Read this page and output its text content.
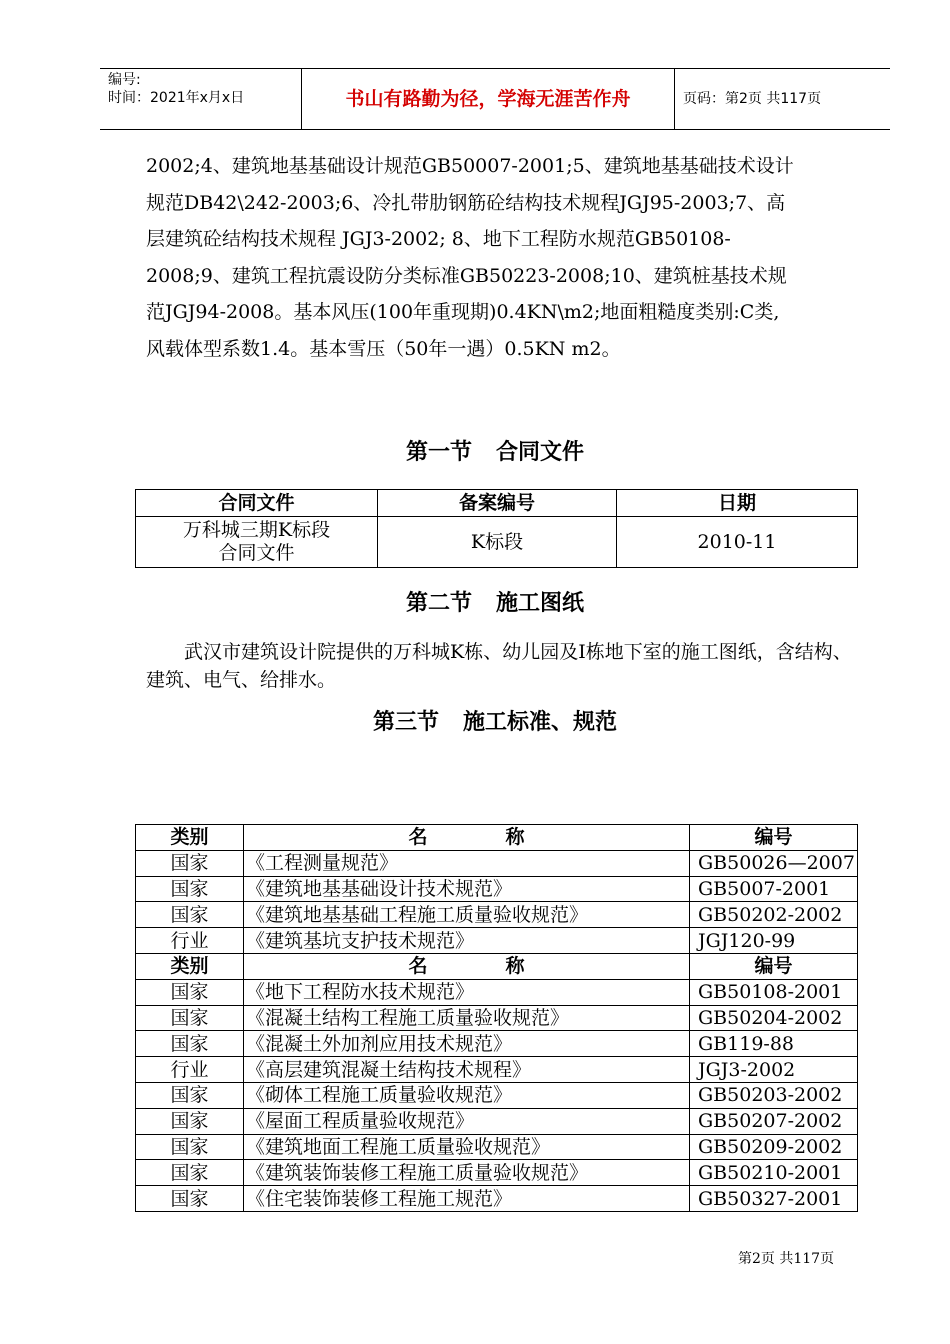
编号:
时间：2021年x月x日	书山有路勤为径，学海无涯苦作舟	页码：第2页 共117页
2002;4、建筑地基基础设计规范GB50007-2001;5、建筑地基基础技术设计
规范DB42\242-2003;6、冷扎带肋钢筋砼结构技术规程JGJ95-2003;7、高
层建筑砼结构技术规程 JGJ3-2002; 8、地下工程防水规范GB50108-
2008;9、建筑工程抗震设防分类标准GB50223-2008;10、建筑桩基技术规
范JGJ94-2008。基本风压(100年重现期)0.4KN\m2;地面粗糙度类别:C类,
风载体型系数1.4。基本雪压（50年一遇）0.5KN m2。
第一节 合同文件
合同文件	备案编号	日期

万科城三期K标段
合同文件	K标段	2010-11
第二节 施工图纸
武汉市建筑设计院提供的万科城K栋、幼儿园及I栋地下室的施工图纸，含结构、建筑、电气、给排水。
第三节 施工标准、规范
类别	名称	编号
国家	《工程测量规范》	GB50026—2007
国家	《建筑地基基础设计技术规范》	GB5007-2001
国家	《建筑地基基础工程施工质量验收规范》	GB50202-2002
行业	《建筑基坑支护技术规范》	JGJ120-99
类别	名称	编号
国家	《地下工程防水技术规范》	GB50108-2001
国家	《混凝土结构工程施工质量验收规范》	GB50204-2002
国家	《混凝土外加剂应用技术规范》	GB119-88
行业	《高层建筑混凝土结构技术规程》	JGJ3-2002
国家	《砌体工程施工质量验收规范》	GB50203-2002
国家	《屋面工程质量验收规范》	GB50207-2002
国家	《建筑地面工程施工质量验收规范》	GB50209-2002
国家	《建筑装饰装修工程施工质量验收规范》	GB50210-2001
国家	《住宅装饰装修工程施工规范》	GB50327-2001
第2页 共117页
